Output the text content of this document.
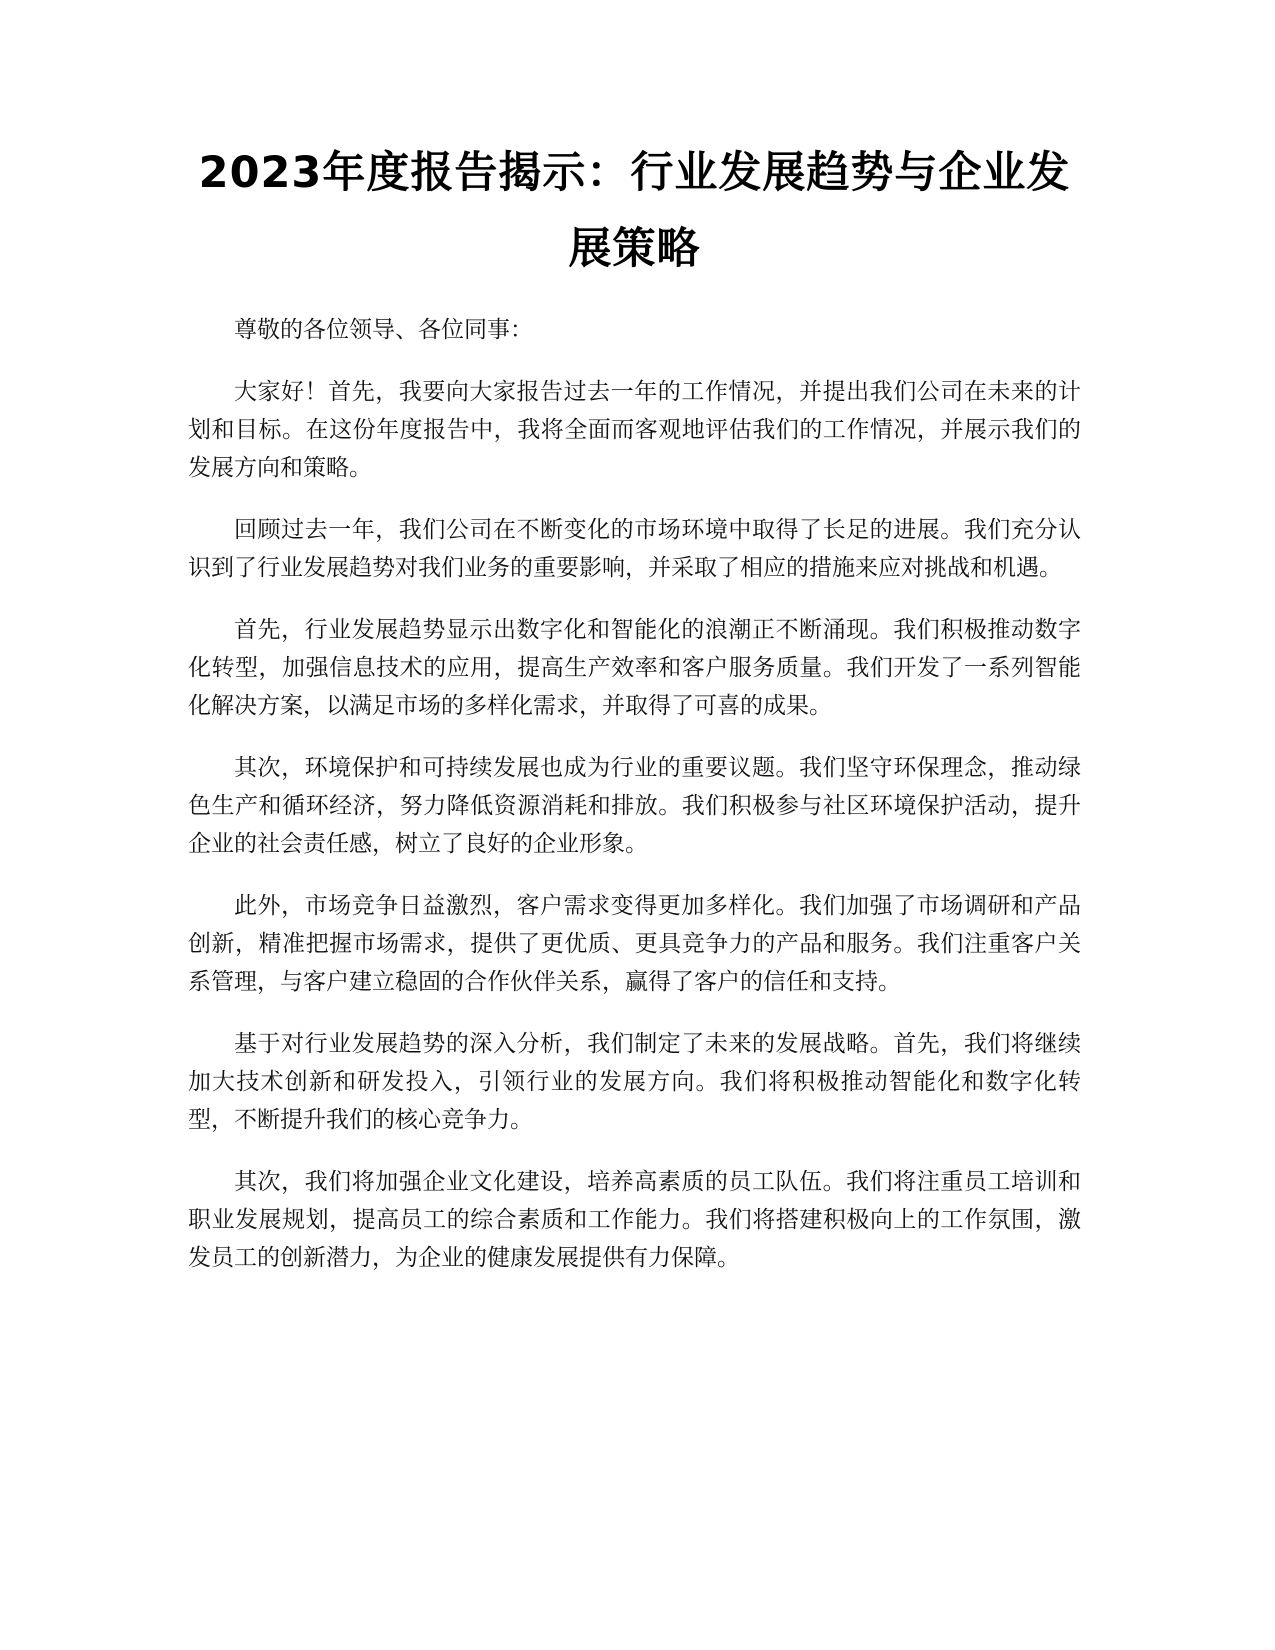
2023年度报告揭示：行业发展趋势与企业发展策略

尊敬的各位领导、各位同事：

大家好！首先，我要向大家报告过去一年的工作情况，并提出我们公司在未来的计划和目标。在这份年度报告中，我将全面而客观地评估我们的工作情况，并展示我们的发展方向和策略。

回顾过去一年，我们公司在不断变化的市场环境中取得了长足的进展。我们充分认识到了行业发展趋势对我们业务的重要影响，并采取了相应的措施来应对挑战和机遇。

首先，行业发展趋势显示出数字化和智能化的浪潮正不断涌现。我们积极推动数字化转型，加强信息技术的应用，提高生产效率和客户服务质量。我们开发了一系列智能化解决方案，以满足市场的多样化需求，并取得了可喜的成果。

其次，环境保护和可持续发展也成为行业的重要议题。我们坚守环保理念，推动绿色生产和循环经济，努力降低资源消耗和排放。我们积极参与社区环境保护活动，提升企业的社会责任感，树立了良好的企业形象。

此外，市场竞争日益激烈，客户需求变得更加多样化。我们加强了市场调研和产品创新，精准把握市场需求，提供了更优质、更具竞争力的产品和服务。我们注重客户关系管理，与客户建立稳固的合作伙伴关系，赢得了客户的信任和支持。

基于对行业发展趋势的深入分析，我们制定了未来的发展战略。首先，我们将继续加大技术创新和研发投入，引领行业的发展方向。我们将积极推动智能化和数字化转型，不断提升我们的核心竞争力。

其次，我们将加强企业文化建设，培养高素质的员工队伍。我们将注重员工培训和职业发展规划，提高员工的综合素质和工作能力。我们将搭建积极向上的工作氛围，激发员工的创新潜力，为企业的健康发展提供有力保障。
